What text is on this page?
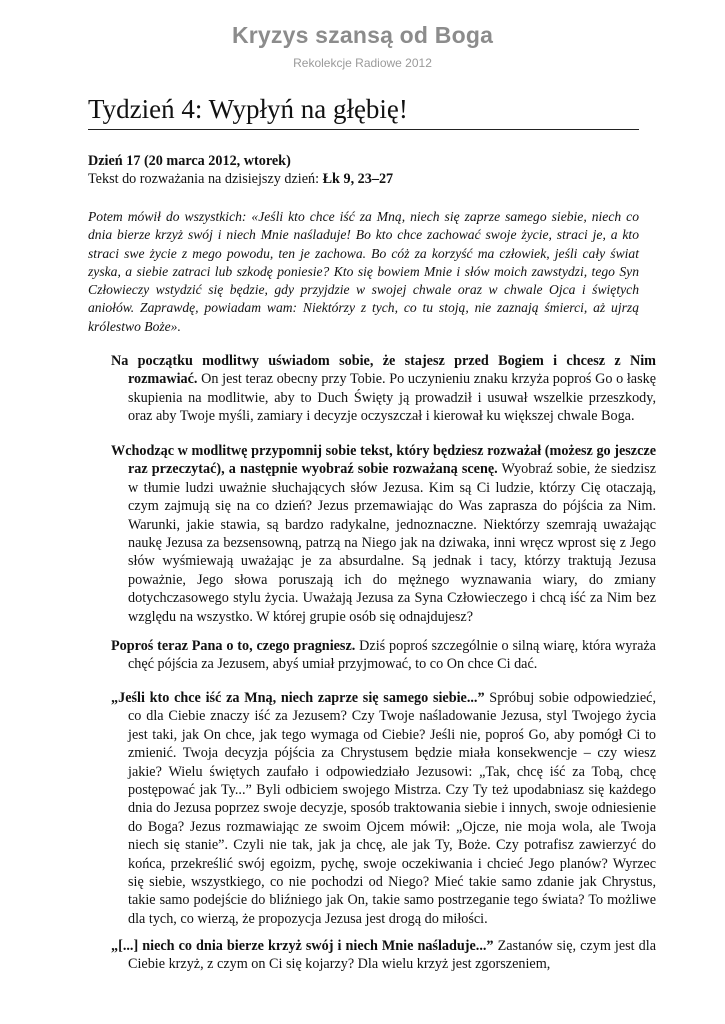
Kryzys szansą od Boga
Rekolekcje Radiowe 2012
Tydzień 4: Wypłyń na głębię!
Dzień 17 (20 marca 2012, wtorek)
Tekst do rozważania na dzisiejszy dzień: Łk 9, 23–27
Potem mówił do wszystkich: «Jeśli kto chce iść za Mną, niech się zaprze samego siebie, niech co dnia bierze krzyż swój i niech Mnie naśladuje! Bo kto chce zachować swoje życie, straci je, a kto straci swe życie z mego powodu, ten je zachowa. Bo cóż za korzyść ma człowiek, jeśli cały świat zyska, a siebie zatraci lub szkodę poniesie? Kto się bowiem Mnie i słów moich zawstydzi, tego Syn Człowieczy wstydzić się będzie, gdy przyjdzie w swojej chwale oraz w chwale Ojca i świętych aniołów. Zaprawdę, powiadam wam: Niektórzy z tych, co tu stoją, nie zaznają śmierci, aż ujrzą królestwo Boże».
Na początku modlitwy uświadom sobie, że stajesz przed Bogiem i chcesz z Nim rozmawiać. On jest teraz obecny przy Tobie. Po uczynieniu znaku krzyża poproś Go o łaskę skupienia na modlitwie, aby to Duch Święty ją prowadził i usuwał wszelkie przeszkody, oraz aby Twoje myśli, zamiary i decyzje oczyszczał i kierował ku większej chwale Boga.
Wchodząc w modlitwę przypomnij sobie tekst, który będziesz rozważał (możesz go jeszcze raz przeczytać), a następnie wyobraź sobie rozważaną scenę. Wyobraź sobie, że siedzisz w tłumie ludzi uważnie słuchających słów Jezusa. Kim są Ci ludzie, którzy Cię otaczają, czym zajmują się na co dzień? Jezus przemawiając do Was zaprasza do pójścia za Nim. Warunki, jakie stawia, są bardzo radykalne, jednoznaczne. Niektórzy szemrają uważając naukę Jezusa za bezsensowną, patrzą na Niego jak na dziwaka, inni wręcz wprost się z Jego słów wyśmiewają uważając je za absurdalne. Są jednak i tacy, którzy traktują Jezusa poważnie, Jego słowa poruszają ich do mężnego wyznawania wiary, do zmiany dotychczasowego stylu życia. Uważają Jezusa za Syna Człowieczego i chcą iść za Nim bez względu na wszystko. W której grupie osób się odnajdujesz?
Poproś teraz Pana o to, czego pragniesz. Dziś poproś szczególnie o silną wiarę, która wyraża chęć pójścia za Jezusem, abyś umiał przyjmować, to co On chce Ci dać.
„Jeśli kto chce iść za Mną, niech zaprze się samego siebie...” Spróbuj sobie odpowiedzieć, co dla Ciebie znaczy iść za Jezusem? Czy Twoje naśladowanie Jezusa, styl Twojego życia jest taki, jak On chce, jak tego wymaga od Ciebie? Jeśli nie, poproś Go, aby pomógł Ci to zmienić. Twoja decyzja pójścia za Chrystusem będzie miała konsekwencje – czy wiesz jakie? Wielu świętych zaufało i odpowiedziało Jezusowi: „Tak, chcę iść za Tobą, chcę postępować jak Ty...” Byli odbiciem swojego Mistrza. Czy Ty też upodabniasz się każdego dnia do Jezusa poprzez swoje decyzje, sposób traktowania siebie i innych, swoje odniesienie do Boga? Jezus rozmawiając ze swoim Ojcem mówił: „Ojcze, nie moja wola, ale Twoja niech się stanie”. Czyli nie tak, jak ja chcę, ale jak Ty, Boże. Czy potrafisz zawierzyć do końca, przekreślić swój egoizm, pychę, swoje oczekiwania i chcieć Jego planów? Wyrzec się siebie, wszystkiego, co nie pochodzi od Niego? Mieć takie samo zdanie jak Chrystus, takie samo podejście do bliźniego jak On, takie samo postrzeganie tego świata? To możliwe dla tych, co wierzą, że propozycja Jezusa jest drogą do miłości.
„[...] niech co dnia bierze krzyż swój i niech Mnie naśladuje...” Zastanów się, czym jest dla Ciebie krzyż, z czym on Ci się kojarzy? Dla wielu krzyż jest zgorszeniem,
